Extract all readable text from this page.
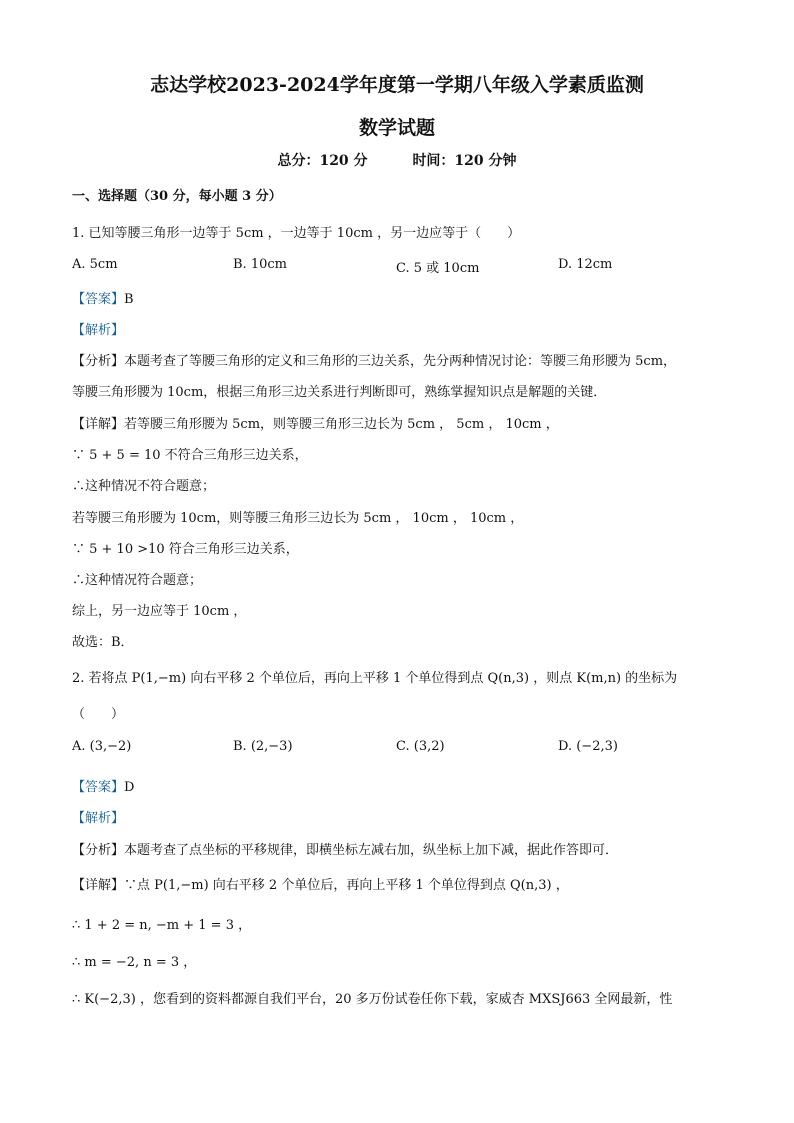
志达学校2023-2024学年度第一学期八年级入学素质监测
数学试题
总分：120 分	时间：120 分钟
一、选择题（30 分，每小题 3 分）
1. 已知等腰三角形一边等于 5cm ，一边等于 10cm ，另一边应等于（　　）
A. 5cm	B. 10cm	C. 5 或 10cm	D. 12cm
【答案】B
【解析】
【分析】本题考查了等腰三角形的定义和三角形的三边关系，先分两种情况讨论：等腰三角形腰为 5cm，
等腰三角形腰为 10cm，根据三角形三边关系进行判断即可，熟练掌握知识点是解题的关键．
【详解】若等腰三角形腰为 5cm，则等腰三角形三边长为 5cm ， 5cm ， 10cm ，
∵ 5 + 5 = 10 不符合三角形三边关系，
∴这种情况不符合题意；
若等腰三角形腰为 10cm，则等腰三角形三边长为 5cm ， 10cm ， 10cm ，
∵ 5 + 10 >10 符合三角形三边关系，
∴这种情况符合题意；
综上，另一边应等于 10cm ，
故选：B．
2. 若将点 P(1,−m) 向右平移 2 个单位后，再向上平移 1 个单位得到点 Q(n,3) ，则点 K(m,n) 的坐标为
（　　）
A. (3,−2)	B. (2,−3)	C. (3,2)	D. (−2,3)
【答案】D
【解析】
【分析】本题考查了点坐标的平移规律，即横坐标左减右加，纵坐标上加下减，据此作答即可．
【详解】∵点 P(1,−m) 向右平移 2 个单位后，再向上平移 1 个单位得到点 Q(n,3) ，
∴ 1 + 2 = n, −m + 1 = 3 ，
∴ m = −2, n = 3 ，
∴ K(−2,3) ，您看到的资料都源自我们平台，20 多万份试卷任你下载，家威杏 MXSJ663 全网最新，性
